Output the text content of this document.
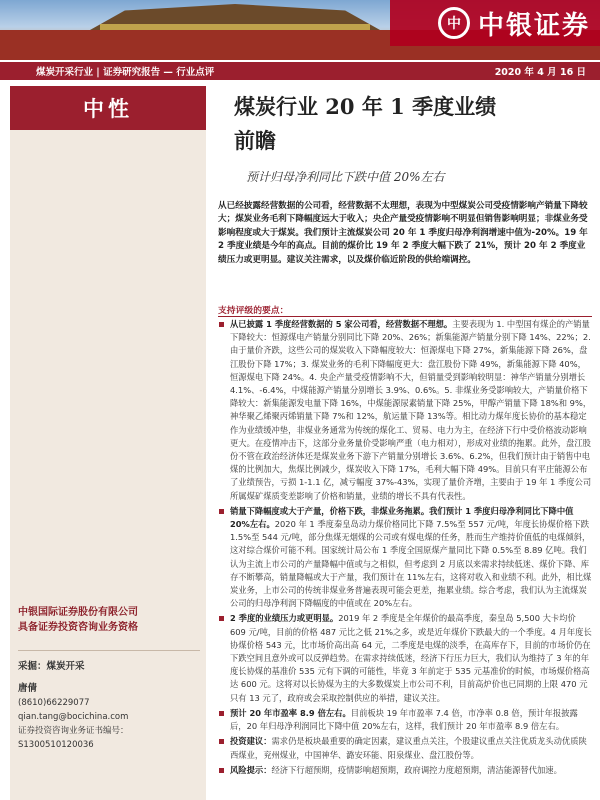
中 中银证券
煤炭开采行业 | 证券研究报告 — 行业点评	2020 年 4 月 16 日
中性
中银国际证券股份有限公司
具备证券投资咨询业务资格
采掘：煤炭开采
唐倩
(8610)66229077
qian.tang@bocichina.com
证券投资咨询业务证书编号：S1300510120036
煤炭行业 20 年 1 季度业绩
前瞻
预计归母净利同比下跌中值 20%左右
从已经披露经营数据的公司看，经营数据不太理想，表现为中型煤炭公司受疫情影响产销量下降较大；煤炭业务毛利下降幅度远大于收入；央企产量受疫情影响不明显但销售影响明显；非煤业务受影响程度或大于煤炭。我们预计主流煤炭公司 20 年 1 季度归母净利润增速中值为-20%。19 年 2 季度业绩是今年的高点。目前的煤价比 19 年 2 季度大幅下跌了 21%，预计 20 年 2 季度业绩压力或更明显。建议关注需求，以及煤价临近阶段的供给端调控。
支持评级的要点：
从已披露 1 季度经营数据的 5 家公司看，经营数据不理想。主要表现为 1. 中型国有煤企的产销量下降较大：恒源煤电产销量分别同比下降 20%、26%；新集能源产销量分别下降 14%、22%；2. 由于量价齐跌，这些公司的煤炭收入下降幅度较大：恒源煤电下降 27%，新集能源下降 26%，盘江股份下降 17%；3. 煤炭业务的毛利下降幅度更大：盘江股份下降 49%，新集能源下降 40%，恒源煤电下降 24%。4. 央企产量受疫情影响不大，但销量受到影响较明显：神华产销量分别增长 4.1%、-6.4%，中煤能源产销量分别增长 3.9%、0.6%。5. 非煤业务受影响较大，产销量价格下降较大：新集能源发电量下降 16%，中煤能源尿素销量下降 25%，甲醇产销量下降 18%和 9%，神华聚乙烯聚丙烯销量下降 7%和 12%，航运量下降 13%等。相比动力煤年度长协价的基本稳定作为业绩缓冲垫，非煤业务通常为传统的煤化工、贸易、电力为主，在经济下行中受价格波动影响更大。在疫情冲击下，这部分业务量价受影响严重（电力相对），形成对业绩的拖累。此外，盘江股份不管在政治经济体还是煤炭业务下游下产销量分别增长 3.6%、6.2%，但我们预计由于销售中电煤的比例加大，焦煤比例减少，煤炭收入下降 17%，毛利大幅下降 49%。目前只有平庄能源公布了业绩预告，亏损 1-1.1 亿，减亏幅度 37%-43%，实现了量价齐增，主要由于 19 年 1 季度公司所属煤矿煤质变差影响了价格和销量，业绩的增长不具有代表性。
销量下降幅度或大于产量，价格下跌，非煤业务拖累。我们预计 1 季度归母净利同比下降中值 20%左右。2020 年 1 季度秦皇岛动力煤价格同比下降 7.5%至 557 元/吨，年度长协煤价格下跌 1.5%至 544 元/吨，部分焦煤无烟煤的公司或有煤电煤的任务，胜而生产维持价值低的电煤倾斜，这对综合煤价可能不利。国家统计局公布 1 季度全国原煤产量同比下降 0.5%至 8.89 亿吨。我们认为主流上市公司的产量降幅中值或与之相似，但考虑到 2 月底以来需求持续低迷、煤价下降、库存不断攀高，销量降幅或大于产量，我们预计在 11%左右，这将对收入和业绩不利。此外，相比煤炭业务，上市公司的传统非煤业务普遍表现可能会更差，拖累业绩。综合考虑，我们认为主流煤炭公司的归母净利润下降幅度的中值或在 20%左右。
2 季度的业绩压力或更明显。2019 年 2 季度是全年煤价的最高季度，秦皇岛 5,500 大卡均价 609 元/吨，目前的价格 487 元比之低 21%之多，或是近年煤价下跌最大的一个季度。4 月年度长协煤价格 543 元，比市场价高出高 64 元，二季度是电煤的淡季，在高库存下，目前的市场价仍在下跌空间且意外或可以反弹趋势。在需求持续低迷，经济下行压力巨大，我们认为维持了 3 年的年度长协煤的基准价 535 元有下调的可能性，毕竟 3 年前定于 535 元基准价的时候，市场煤价格高达 600 元。这将对以长协煤为主的大多数煤炭上市公司不利，目前高炉价也已同期的上限 470 元只有 13 元了，政府或会采取控制供应的举措，建议关注。
预计 20 年市盈率 8.9 倍左右。目前板块 19 年市盈率 7.4 倍，市净率 0.8 倍，预计年报披露后，20 年归母净利润同比下降中值 20%左右，这样，我们预计 20 年市盈率 8.9 倍左右。
投资建议：需求仍是板块最重要的确定因素，建议重点关注，个股建议重点关注优质龙头动优质陕西煤业，兖州煤业，中国神华、潞安环能、阳泉煤业、盘江股份等。
风险提示：经济下行超预期，疫情影响超预期，政府调控力度超预期，清洁能源替代加速。
